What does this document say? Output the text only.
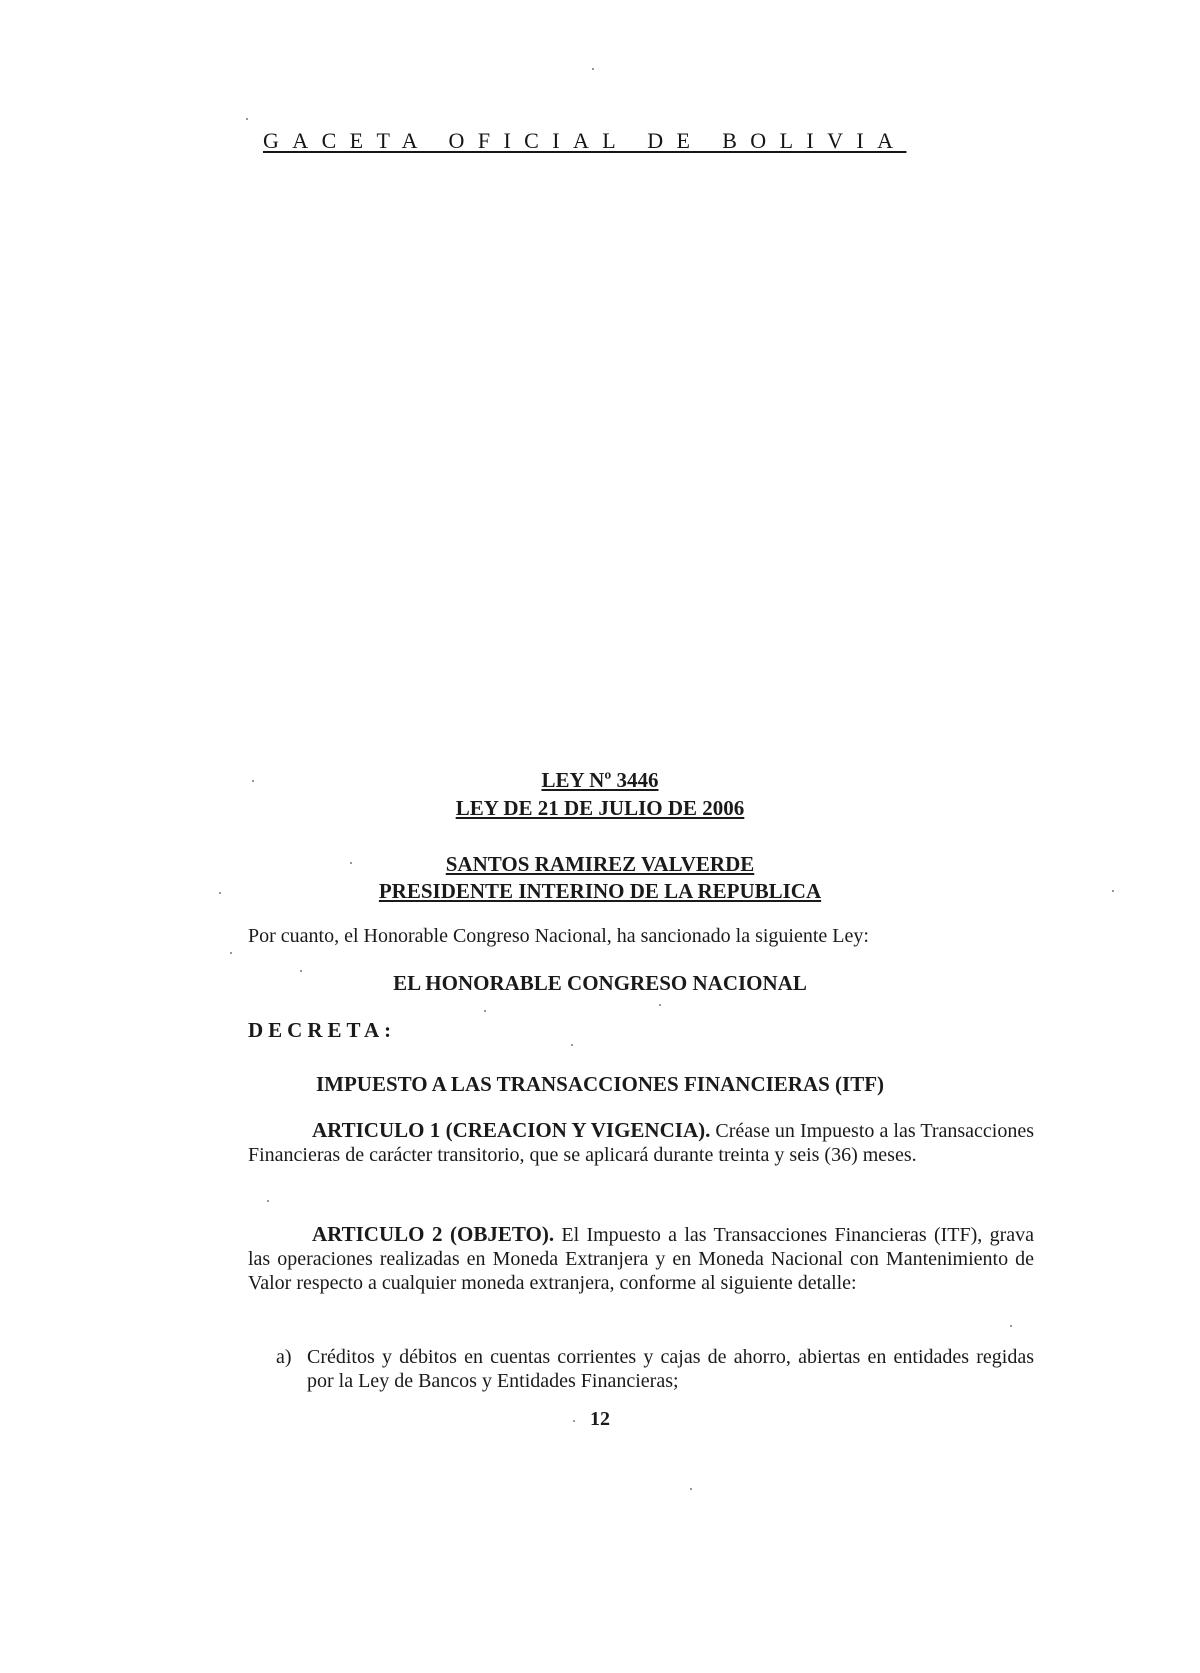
GACETA OFICIAL DE BOLIVIA
LEY Nº 3446
LEY DE 21 DE JULIO DE 2006
SANTOS RAMIREZ VALVERDE
PRESIDENTE INTERINO DE LA REPUBLICA
Por cuanto, el Honorable Congreso Nacional, ha sancionado la siguiente Ley:
EL HONORABLE CONGRESO NACIONAL
DECRETA:
IMPUESTO A LAS TRANSACCIONES FINANCIERAS (ITF)
ARTICULO 1 (CREACION Y VIGENCIA). Créase un Impuesto a las Transacciones Financieras de carácter transitorio, que se aplicará durante treinta y seis (36) meses.
ARTICULO 2 (OBJETO). El Impuesto a las Transacciones Financieras (ITF), grava las operaciones realizadas en Moneda Extranjera y en Moneda Nacional con Mantenimiento de Valor respecto a cualquier moneda extranjera, conforme al siguiente detalle:
a) Créditos y débitos en cuentas corrientes y cajas de ahorro, abiertas en entidades regidas por la Ley de Bancos y Entidades Financieras;
12
